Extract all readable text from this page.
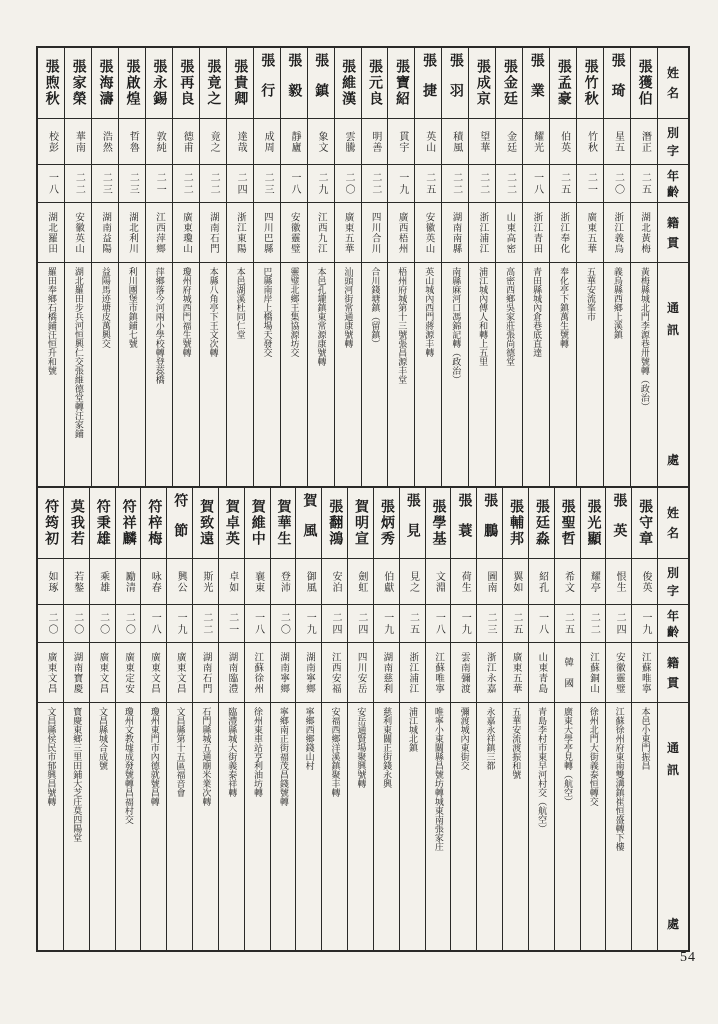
姓
名
別
字
年
齡
籍
貫
通
訊
處
張獲伯
潛正
二五
湖北黃梅
黃梅縣城北門李源巷卅號轉（政治）
張琦
星五
二〇
浙江義烏
義烏縣西鄉上溪鎮
張竹秋
竹秋
二一
廣東五華
五華安流峯市
張孟豪
伯英
二五
浙江奉化
奉化亭下鎮萬生號轉
張業
耀光
一八
浙江青田
青田縣城內倉巷底直達
張金廷
金廷
二二
山東高密
高密西鄉吳家莊張尚德堂
張成京
望華
二二
浙江浦江
浦江城內傅人和轉上五里
張羽
積風
二二
湖南南縣
南縣麻河口馮錦記轉（政治）
張捷
英山
二五
安徽英山
英山城內西門蔣源丰轉
張寶紹
貫宇
一九
廣西梧州
梧州府城第十三號張昌源丰堂
張元良
明善
二二
四川合川
合川錢塘鎮（留鎮）
張維漢
雲騰
二〇
廣東五華
汕頭河街常通康號轉
張鎮
象文
二九
江西九江
本邑孔壠鎮東常源康號轉
張毅
靜廬
一八
安徽靈璧
靈璧北鄉王集協源坊交
張行
成周
二三
四川巴縣
巴縣南岸上橋場天發交
張貴卿
達哉
二四
浙江東陽
本邑湖溪杜同仁堂
張竟之
竟之
二二
湖南石門
本縣八角亭下王文次轉
張再良
德甫
二二
廣東瓊山
瓊州府城西門福生號轉
張永錫
敦純
二一
江西萍鄉
萍鄉落今河兩小學校轉登蕊橋
張啟煌
哲魯
二三
湖北利川
利川團堡市鎮鋪七號
張海濤
浩然
二三
湖南益陽
益陽馬迹塘皮萬興交
張家榮
華南
二二
安徽英山
湖北羅田步兵河恒興仁交張維德堂轉汪家鋪
張煦秋
校彭
一八
湖北羅田
羅田奉鄉石橋鋪汪恒升和號
姓
名
別
字
年
齡
籍
貫
通
訊
處
張守章
俊英
一九
江蘇唯寧
本邑小東門振昌
張英
恨生
二四
安徽靈璧
江蘇徐州府東南雙溝鎮崔恒盛轉下樓
張光顯
耀亭
二二
江蘇銅山
徐州北門大街義泰恒轉交
張聖哲
希文
二五
韓　國
廣東大學亭見轉（航空）
張廷淼
紹孔
一八
山東青島
青島李村市東早河村交（航空）
張輔邦
翼如
二五
廣東五華
五華安流渡振和號
張鵬
圖南
二三
浙江永嘉
永嘉永祥鎮三都
張蓑
荷生
一九
雲南彌渡
彌渡城內東街交
張學基
文淵
一八
江蘇唯寧
唯寧小東關縣昌號坊轉城東南張家庄
張見
見之
二五
浙江浦江
浦江城北鎮
張炳秀
伯獻
一九
湖南慈利
慈利東關正街錢永興
賀明宣
劍虹
二四
四川安岳
安岳通賢場聚興號轉
張翻鴻
安泊
二四
江西安福
安福西鄉洋溪鎮聚丰轉
賀風
御風
一九
湖南寧鄉
寧鄉西鄉錢山村
賀華生
登沛
二〇
湖南寧鄉
寧鄉南正街福茂昌錢號轉
賀維中
襄東
一八
江蘇徐州
徐州東車站亨利油坊轉
賀卓英
卓如
二一
湖南臨澧
臨澧縣城大街義泰祥轉
賀致遠
斯光
二二
湖南石門
石門縣城五通廟米業次轉
符節
興公
一九
廣東文昌
文昌縣第十五區福音會
符梓梅
咏春
一八
廣東文昌
瓊州東門市內德就號昌轉
符祥麟
勵清
二〇
廣東定安
瓊州文教墟成發號轉昌福村交
符秉雄
乘雄
二〇
廣東文昌
文昌縣城合成號
莫我若
若鏊
二〇
湖南寶慶
寶慶東鄉三里田鋪大芝庄莫四陽堂
符筠初
如琢
二〇
廣東文昌
文昌縣侯民市郁興昌號轉
54
